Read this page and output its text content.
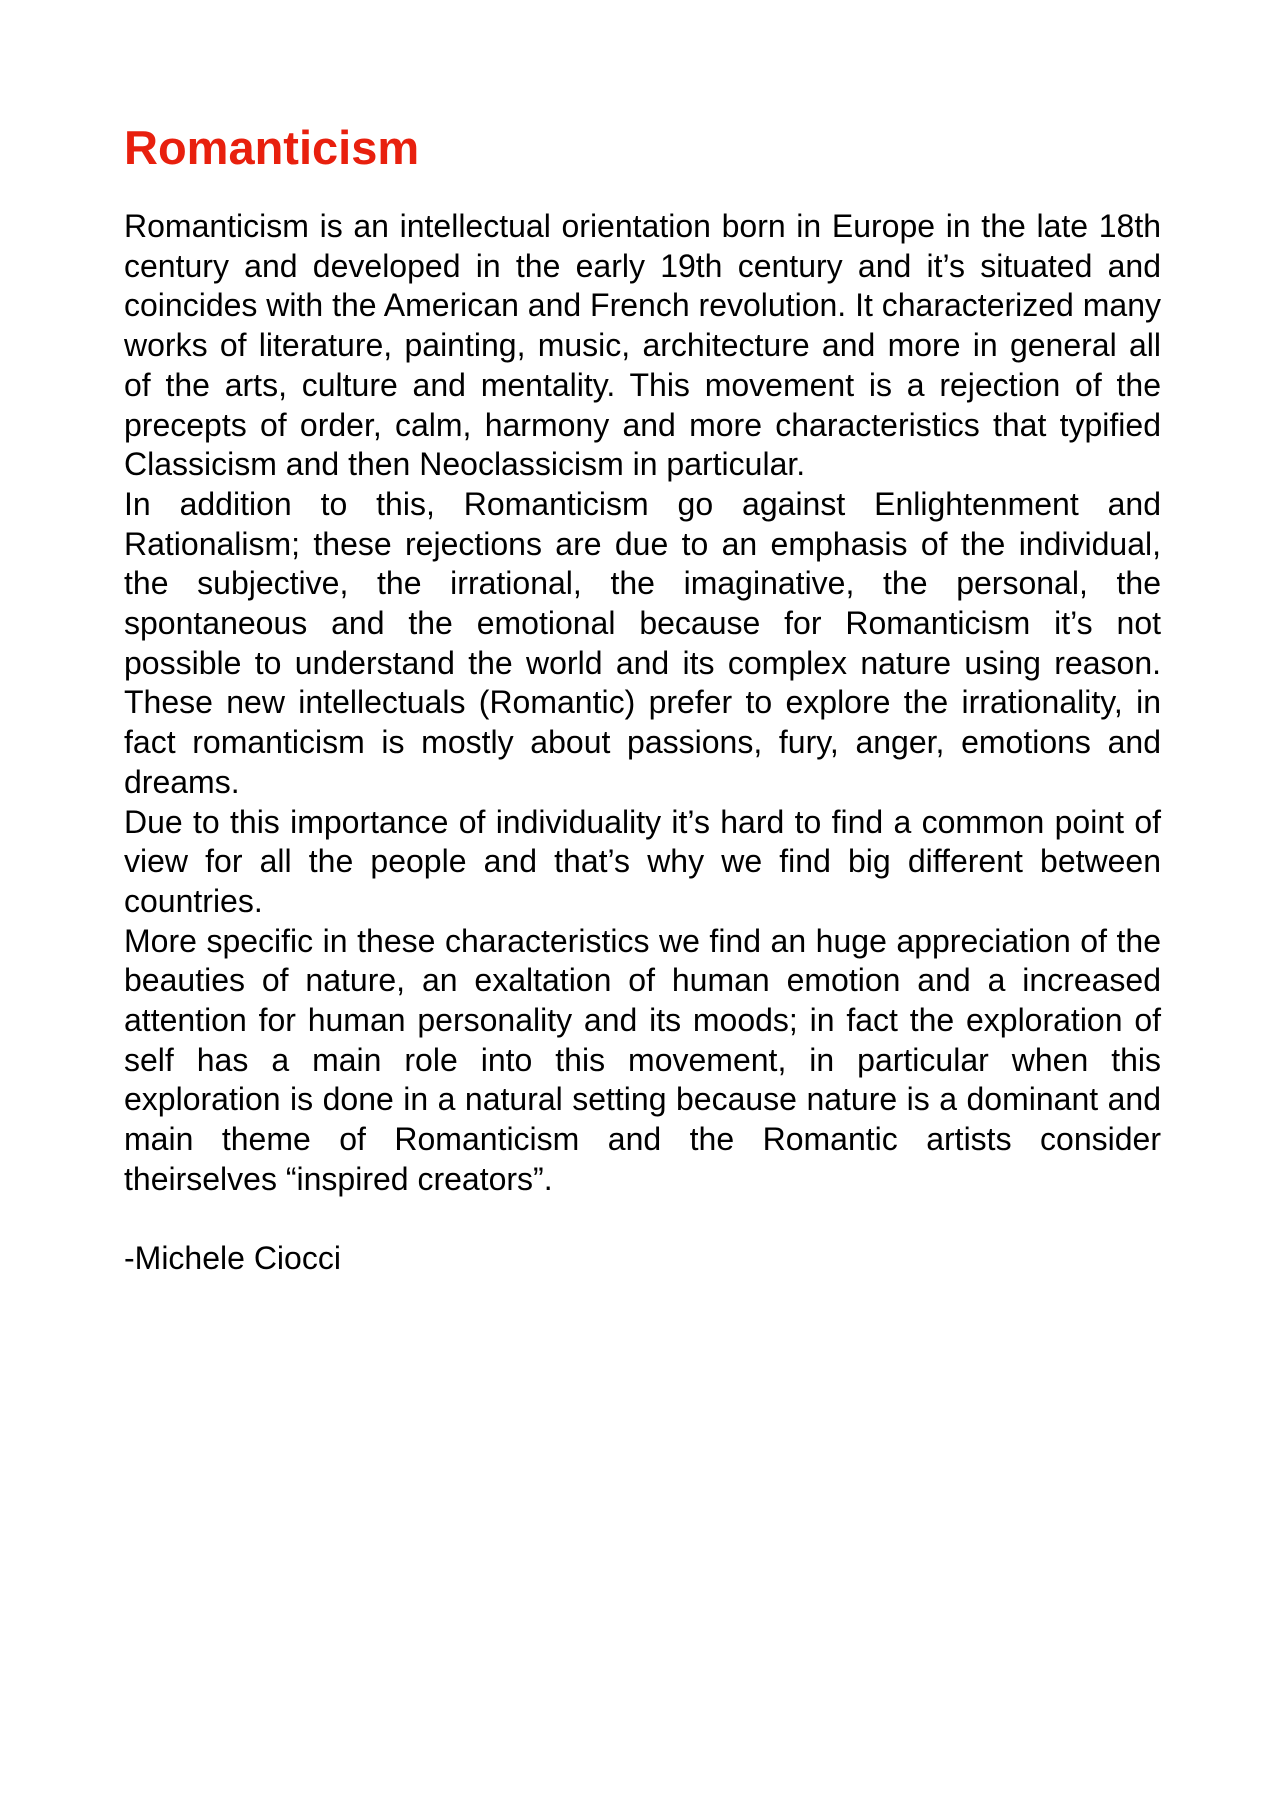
Romanticism

Romanticism is an intellectual orientation born in Europe in the late 18th century and developed in the early 19th century and it’s situated and coincides with the American and French revolution. It characterized many works of literature, painting, music, architecture and more in general all of the arts, culture and mentality. This movement is a rejection of the precepts of order, calm, harmony and more characteristics that typified Classicism and then Neoclassicism in particular.

In addition to this, Romanticism go against Enlightenment and Rationalism; these rejections are due to an emphasis of the individual, the subjective, the irrational, the imaginative, the personal, the spontaneous and the emotional because for Romanticism it’s not possible to understand the world and its complex nature using reason. These new intellectuals (Romantic) prefer to explore the irrationality, in fact romanticism is mostly about passions, fury, anger, emotions and dreams.

Due to this importance of individuality it’s hard to find a common point of view for all the people and that’s why we find big different between countries.

More specific in these characteristics we find an huge appreciation of the beauties of nature, an exaltation of human emotion and a increased attention for human personality and its moods; in fact the exploration of self has a main role into this movement, in particular when this exploration is done in a natural setting because nature is a dominant and main theme of Romanticism and the Romantic artists consider theirselves “inspired creators”.

-Michele Ciocci
